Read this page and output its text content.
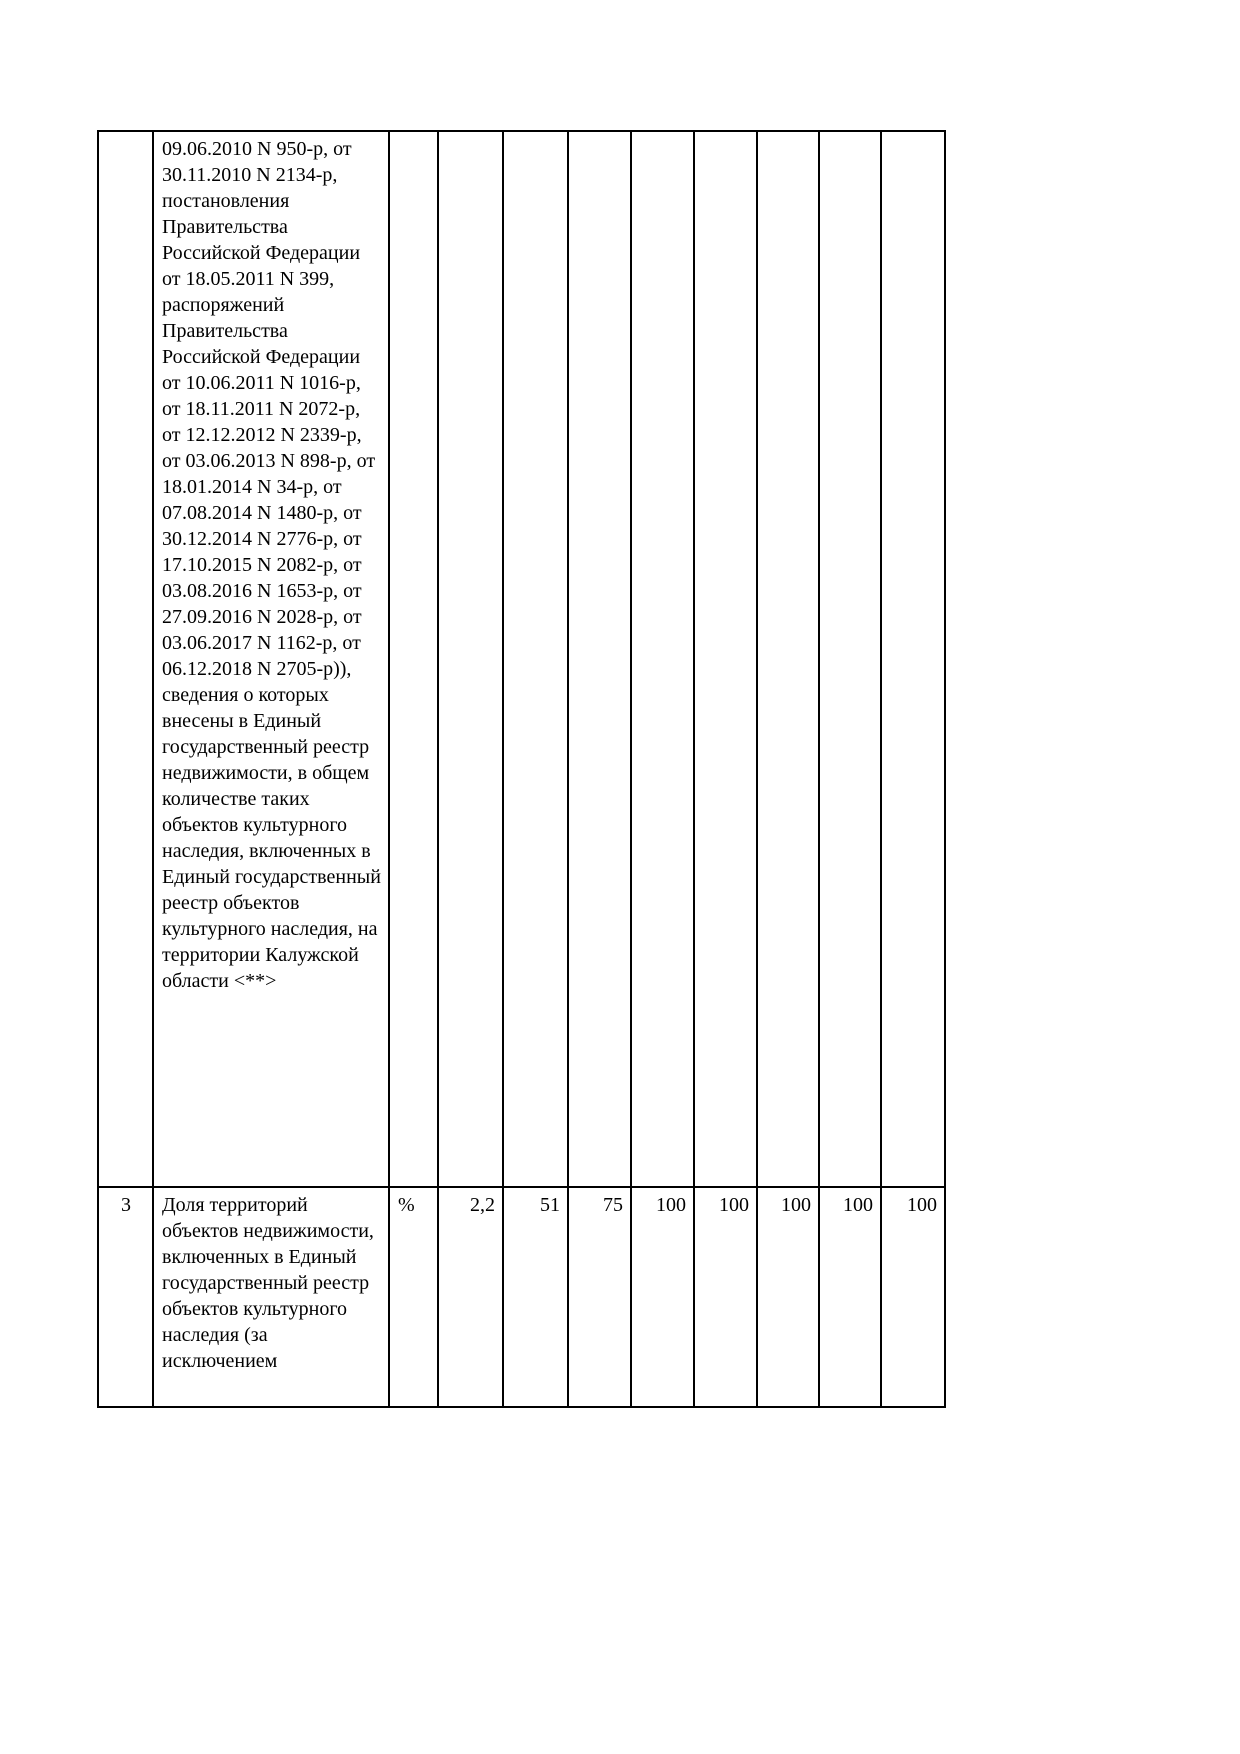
	09.06.2010 N 950-р, от 30.11.2010 N 2134-р, постановления Правительства Российской Федерации от 18.05.2011 N 399, распоряжений Правительства Российской Федерации от 10.06.2011 N 1016-р, от 18.11.2011 N 2072-р, от 12.12.2012 N 2339-р, от 03.06.2013 N 898-р, от 18.01.2014 N 34-р, от 07.08.2014 N 1480-р, от 30.12.2014 N 2776-р, от 17.10.2015 N 2082-р, от 03.08.2016 N 1653-р, от 27.09.2016 N 2028-р, от 03.06.2017 N 1162-р, от 06.12.2018 N 2705-р)), сведения о которых внесены в Единый государственный реестр недвижимости, в общем количестве таких объектов культурного наследия, включенных в Единый государственный реестр объектов культурного наследия, на территории Калужской области <**>									
3	Доля территорий объектов недвижимости, включенных в Единый государственный реестр объектов культурного наследия (за исключением	%	2,2	51	75	100	100	100	100	100
